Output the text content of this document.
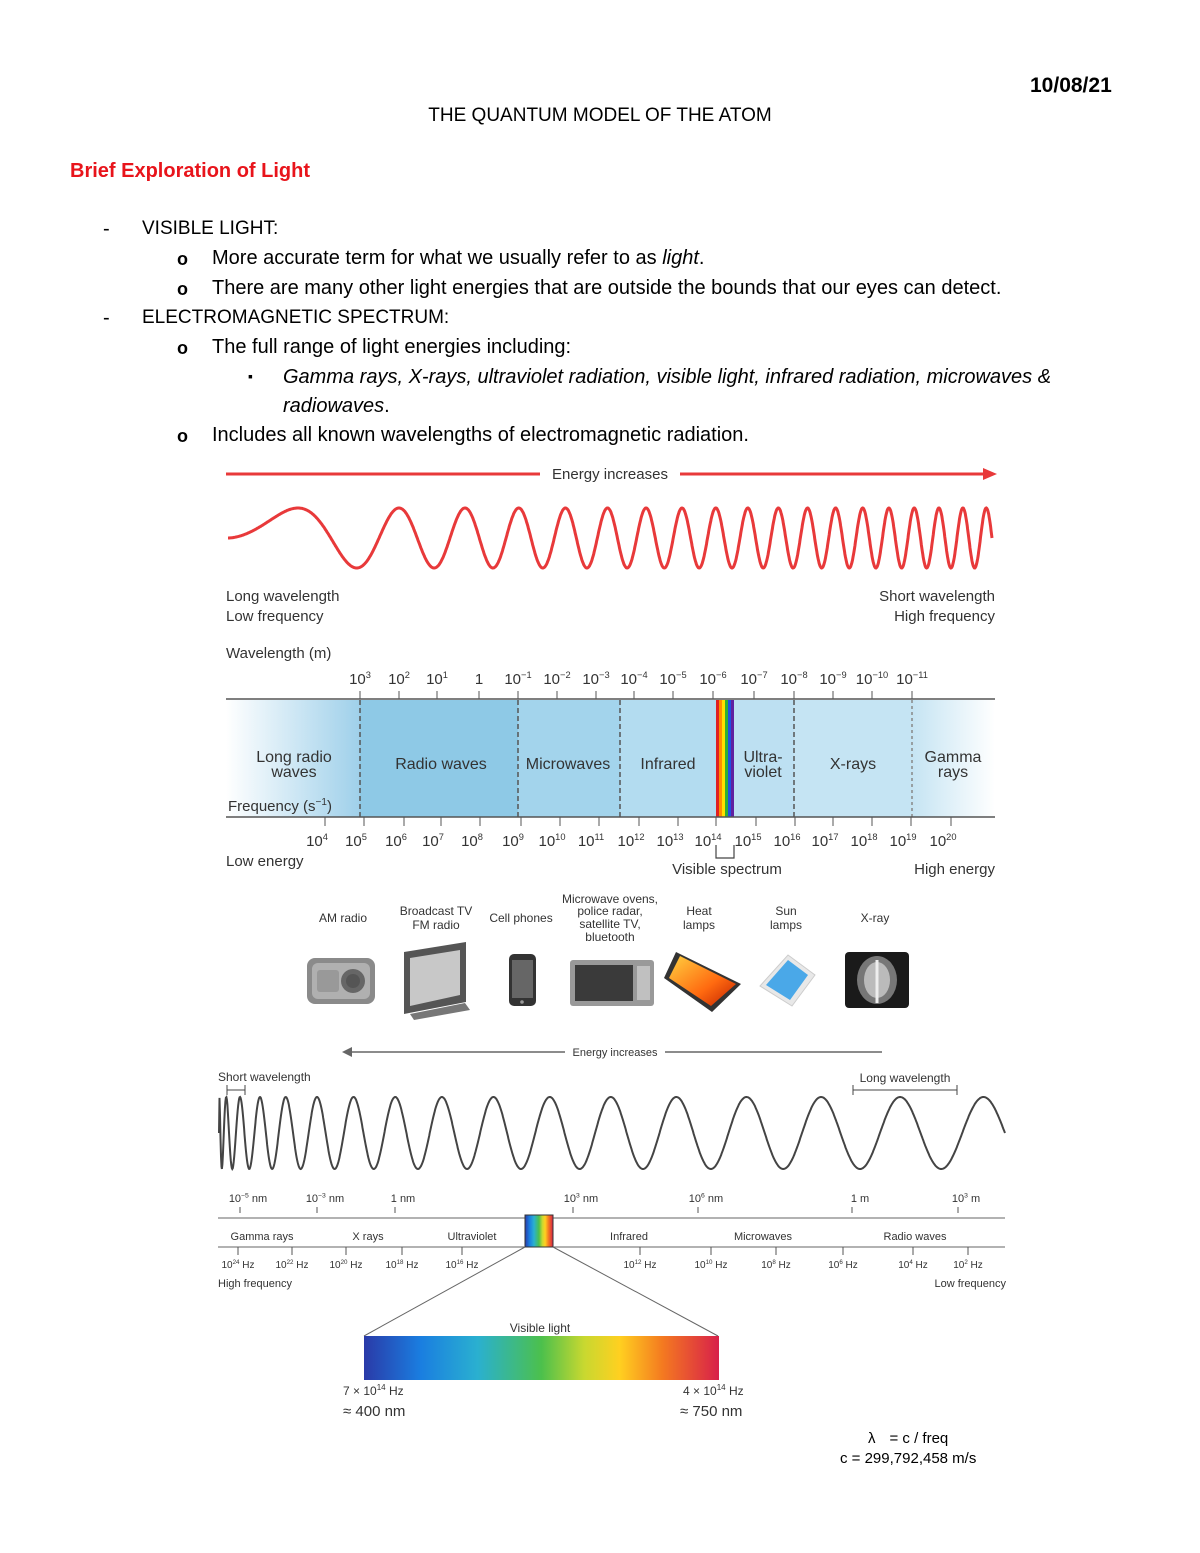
10/08/21
THE QUANTUM MODEL OF THE ATOM
Brief Exploration of Light
- VISIBLE LIGHT:
o More accurate term for what we usually refer to as light.
o There are many other light energies that are outside the bounds that our eyes can detect.
- ELECTROMAGNETIC SPECTRUM:
o The full range of light energies including:
▪ Gamma rays, X-rays, ultraviolet radiation, visible light, infrared radiation, microwaves &
radiowaves.
o Includes all known wavelengths of electromagnetic radiation.
Energy increases
Long wavelength
Low frequency
Short wavelength
High frequency
Wavelength (m)
$10^3$ $10^2$ $10^1$ 1 $10^{-1}$ $10^{-2}$ $10^{-3}$ $10^{-4}$ $10^{-5}$ $10^{-6}$ $10^{-7}$ $10^{-8}$ $10^{-9}$ $10^{-10}$ $10^{-11}$
Long radio
waves	Radio waves Microwaves Infrared	Ultra-
violet	X-rays	Gamma
rays
Frequency $(s^{-1})$
$10^4$ $10^5$ $10^6$ $10^7$ $10^8$ $10^9$ $10^{10}$ $10^{11}$ $10^{12}$ $10^{13}$ $10^{14}$ $10^{15}$ $10^{16}$ $10^{17}$ $10^{18}$ $10^{19}$ $10^{20}$
Low energy	High energy
Visible spectrum
AM radio	Broadcast TV
FM radio Cell phones
Microwave ovens,
police radar,
satellite TV,
bluetooth
Heat
lamps
Sun
lamps	X-ray
Energy increases
Short wavelength	Long wavelength
$10^{-5}$ nm	$10^{-3}$ nm	1 nm	$10^3$ nm	$10^6$ nm	1 m	$10^3$ m
Gamma rays	X rays	Ultraviolet	Infrared	Microwaves	Radio waves
$10^{24}$ Hz $10^{22}$ Hz $10^{20}$ Hz $10^{18}$ Hz	$10^{16}$ Hz	$10^{12}$ Hz	$10^{10}$ Hz	$10^8$ Hz	$10^6$ Hz	$10^4$ Hz	$10^2$ Hz
High frequency	Low frequency
Visible light
$7 \times 10^{14}$ Hz
≈ 400 nm
$4 \times 10^{14}$ Hz
≈ 750 nm
λ = c / freq
c = 299,792,458 m/s
